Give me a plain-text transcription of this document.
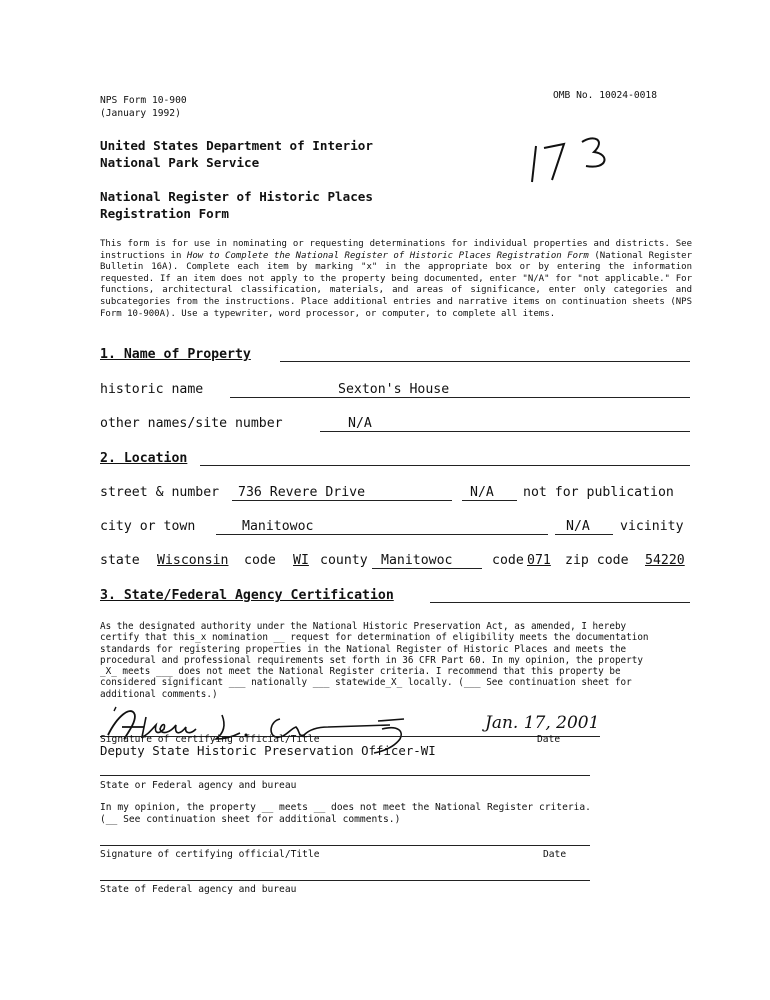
NPS Form 10-900
(January 1992)
OMB No. 10024-0018
United States Department of Interior
National Park Service
National Register of Historic Places
Registration Form
This form is for use in nominating or requesting determinations for individual properties and districts. See instructions in How to Complete the National Register of Historic Places Registration Form (National Register Bulletin 16A). Complete each item by marking "x" in the appropriate box or by entering the information requested. If an item does not apply to the property being documented, enter "N/A" for "not applicable." For functions, architectural classification, materials, and areas of significance, enter only categories and subcategories from the instructions. Place additional entries and narrative items on continuation sheets (NPS Form 10-900A). Use a typewriter, word processor, or computer, to complete all items.
1. Name of Property
historic name	Sexton's House
other names/site number	N/A
2. Location
street & number 736 Revere Drive	N/A not for publication
city or town	Manitowoc	N/A vicinity
state Wisconsin code WI county Manitowoc	code 071 zip code 54220
3. State/Federal Agency Certification
As the designated authority under the National Historic Preservation Act, as amended, I hereby
certify that this_x nomination __ request for determination of eligibility meets the documentation
standards for registering properties in the National Register of Historic Places and meets the
procedural and professional requirements set forth in 36 CFR Part 60. In my opinion, the property
_X_ meets ___ does not meet the National Register criteria. I recommend that this property be
considered significant ___ nationally ___ statewide_X_ locally. (___ See continuation sheet for
additional comments.)
Jan. 17, 2001
Signature of certifying official/Title	Date
Deputy State Historic Preservation Officer-WI
State or Federal agency and bureau
In my opinion, the property __ meets __ does not meet the National Register criteria.
(__ See continuation sheet for additional comments.)
Signature of certifying official/Title	Date
State of Federal agency and bureau
